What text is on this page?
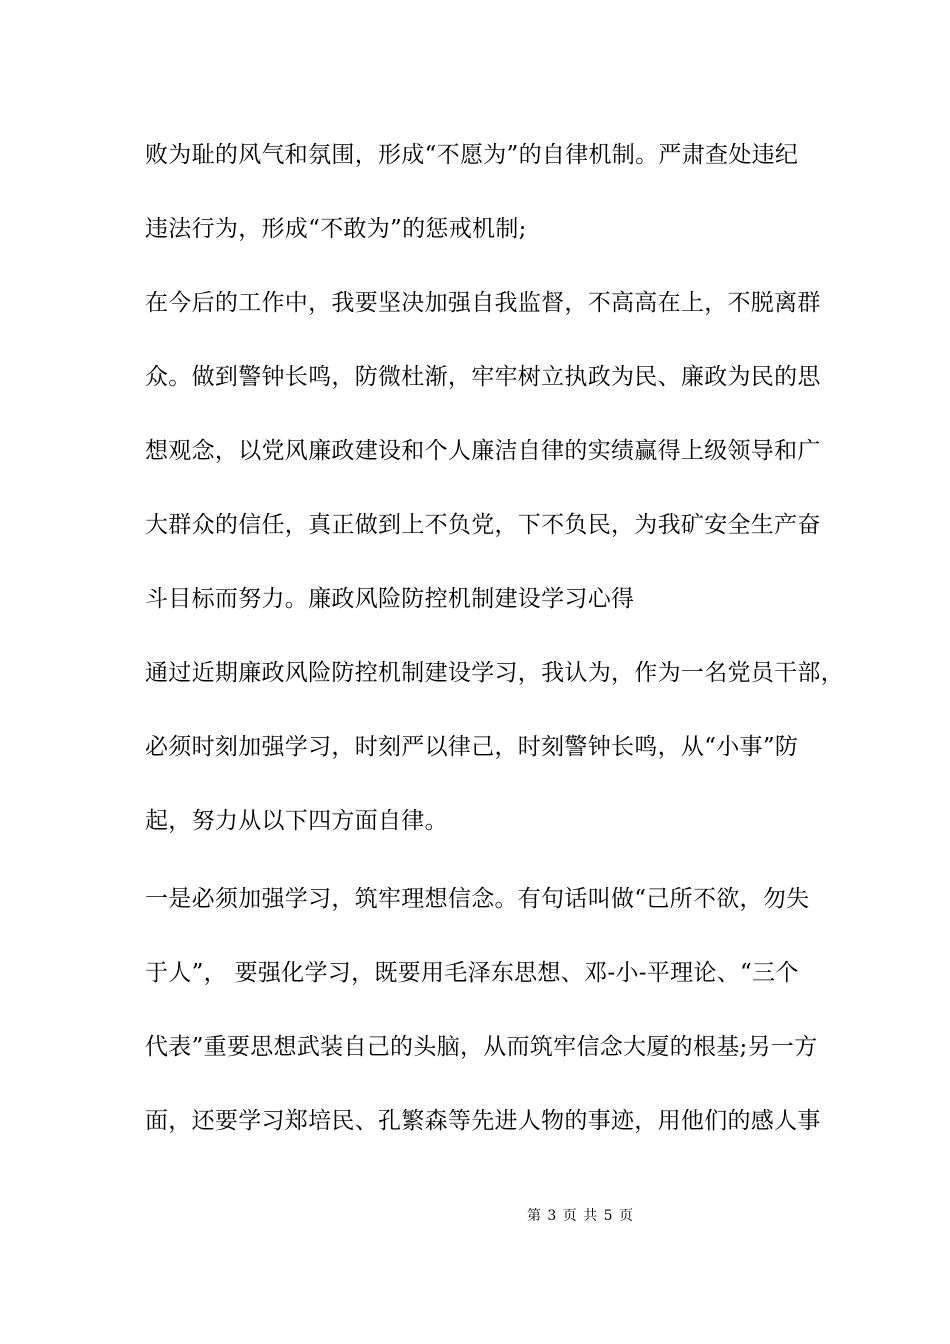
败为耻的风气和氛围，形成“不愿为”的自律机制。严肃查处违纪
违法行为，形成“不敢为”的惩戒机制;
在今后的工作中，我要坚决加强自我监督，不高高在上，不脱离群
众。做到警钟长鸣，防微杜渐，牢牢树立执政为民、廉政为民的思
想观念，以党风廉政建设和个人廉洁自律的实绩赢得上级领导和广
大群众的信任，真正做到上不负党，下不负民，为我矿安全生产奋
斗目标而努力。廉政风险防控机制建设学习心得
通过近期廉政风险防控机制建设学习，我认为，作为一名党员干部，
必须时刻加强学习，时刻严以律己，时刻警钟长鸣，从“小事”防
起，努力从以下四方面自律。
一是必须加强学习，筑牢理想信念。有句话叫做“己所不欲，勿失
于人”， 要强化学习，既要用毛泽东思想、邓-小-平理论、“三个
代表”重要思想武装自己的头脑，从而筑牢信念大厦的根基;另一方
面，还要学习郑培民、孔繁森等先进人物的事迹，用他们的感人事
第 3 页 共 5 页
